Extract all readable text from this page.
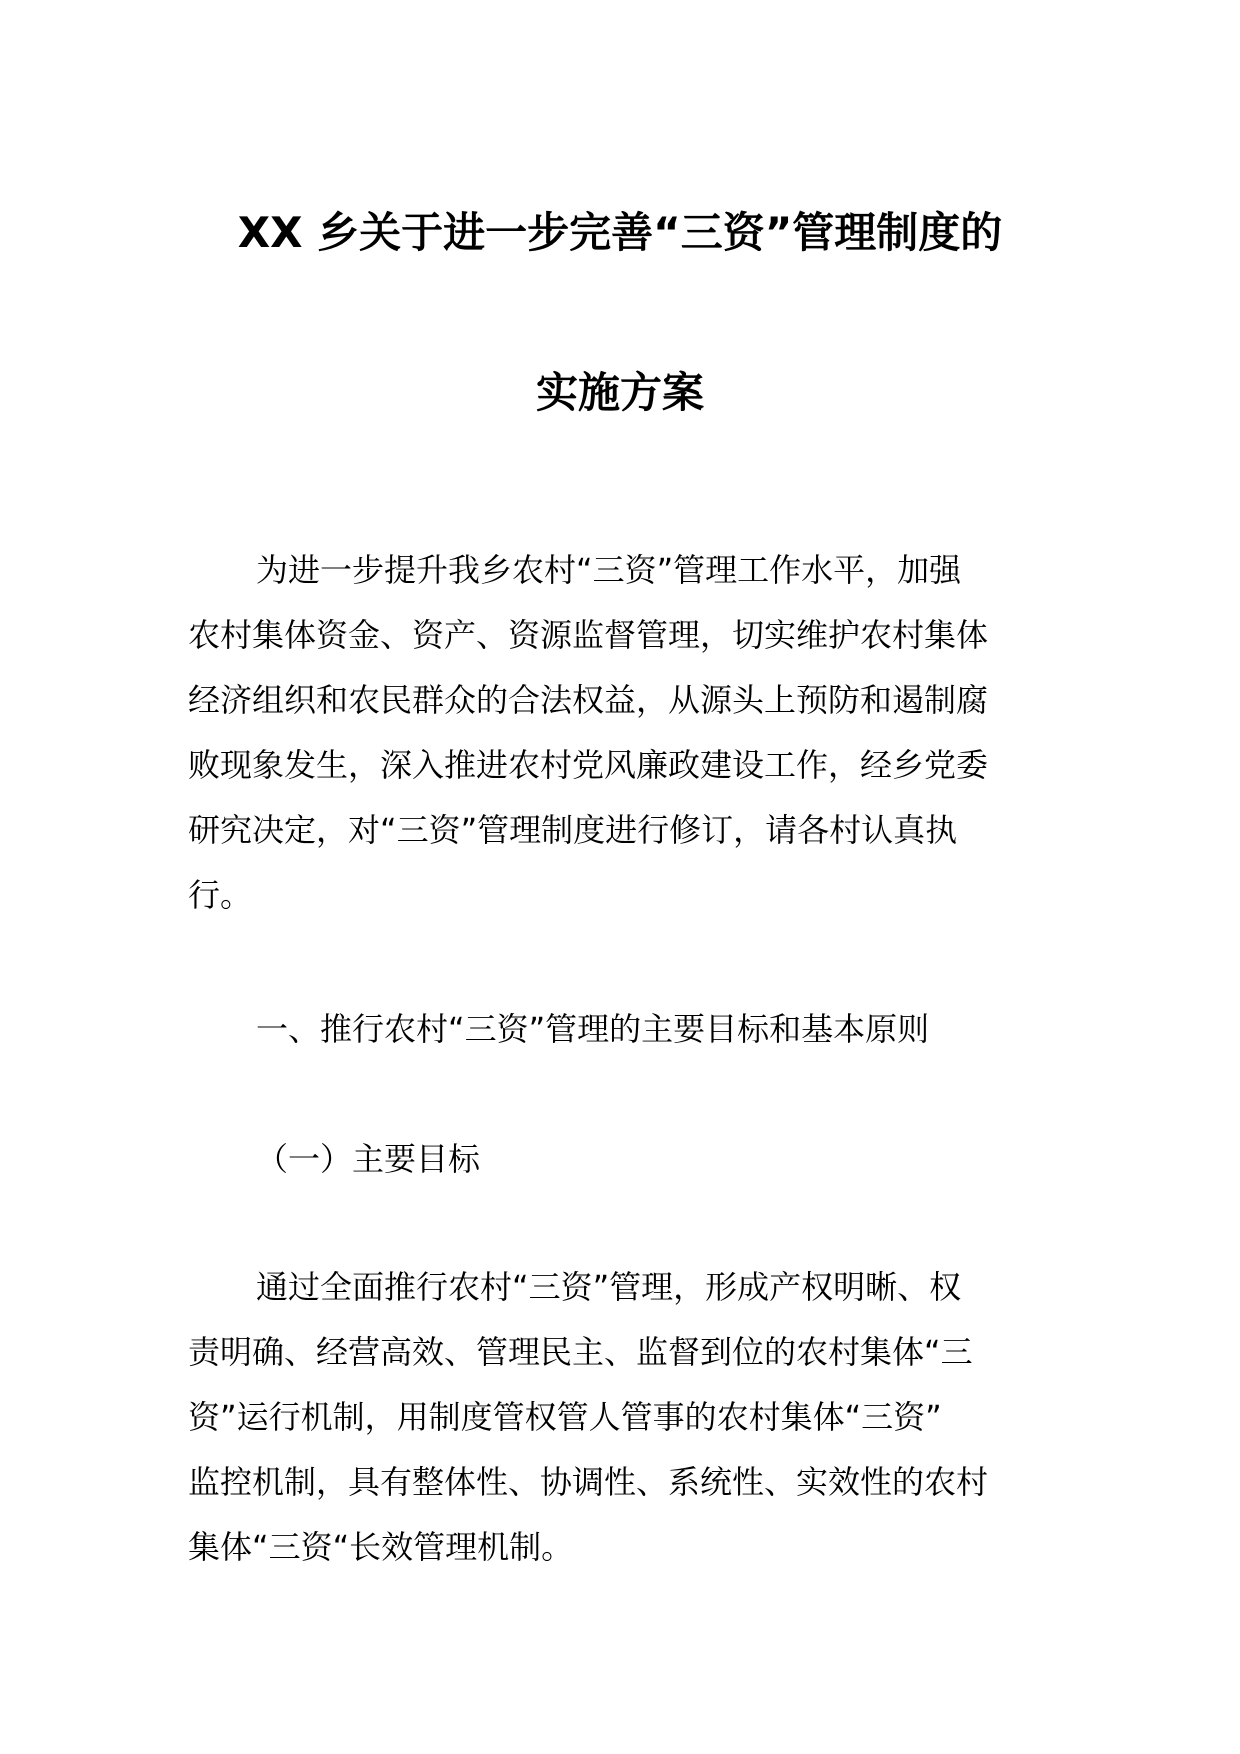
XX 乡关于进一步完善“三资”管理制度的
实施方案
为进一步提升我乡农村“三资”管理工作水平，加强
农村集体资金、资产、资源监督管理，切实维护农村集体
经济组织和农民群众的合法权益，从源头上预防和遏制腐
败现象发生，深入推进农村党风廉政建设工作，经乡党委
研究决定，对“三资”管理制度进行修订，请各村认真执
行。
一、推行农村“三资”管理的主要目标和基本原则
（一）主要目标
通过全面推行农村“三资”管理，形成产权明晰、权
责明确、经营高效、管理民主、监督到位的农村集体“三
资”运行机制，用制度管权管人管事的农村集体“三资”
监控机制，具有整体性、协调性、系统性、实效性的农村
集体“三资“长效管理机制。
